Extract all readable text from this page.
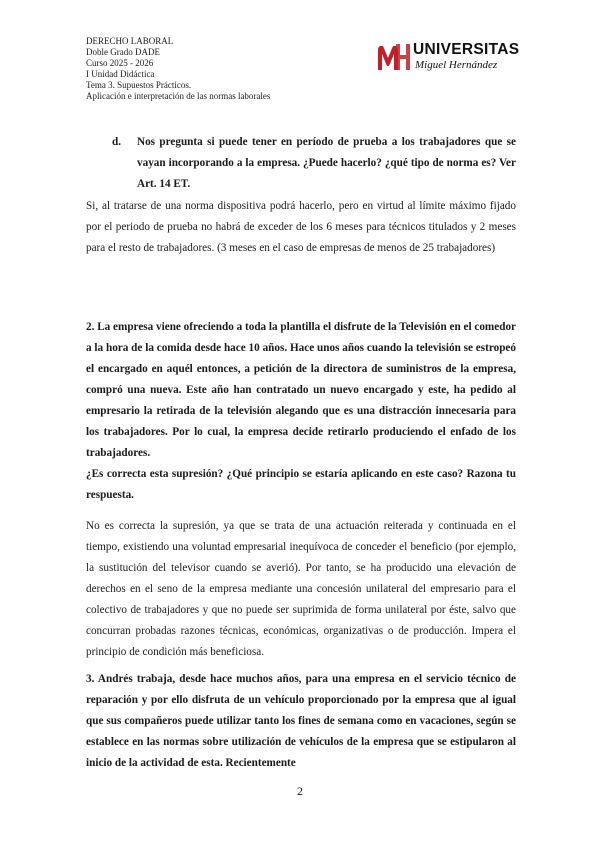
DERECHO LABORAL
Doble Grado DADE
Curso 2025 - 2026
I Unidad Didáctica
Tema 3. Supuestos Prácticos.
Aplicación e interpretación de las normas laborales
UNIVERSITAS
Miguel Hernández
d. Nos pregunta si puede tener en período de prueba a los trabajadores que se vayan incorporando a la empresa. ¿Puede hacerlo? ¿qué tipo de norma es? Ver Art. 14 ET.

Si, al tratarse de una norma dispositiva podrá hacerlo, pero en virtud al límite máximo fijado por el periodo de prueba no habrá de exceder de los 6 meses para técnicos titulados y 2 meses para el resto de trabajadores. (3 meses en el caso de empresas de menos de 25 trabajadores)

2. La empresa viene ofreciendo a toda la plantilla el disfrute de la Televisión en el comedor a la hora de la comida desde hace 10 años. Hace unos años cuando la televisión se estropeó el encargado en aquél entonces, a petición de la directora de suministros de la empresa, compró una nueva. Este año han contratado un nuevo encargado y este, ha pedido al empresario la retirada de la televisión alegando que es una distracción innecesaria para los trabajadores. Por lo cual, la empresa decide retirarlo produciendo el enfado de los trabajadores.

¿Es correcta esta supresión? ¿Qué principio se estaría aplicando en este caso? Razona tu respuesta.

No es correcta la supresión, ya que se trata de una actuación reiterada y continuada en el tiempo, existiendo una voluntad empresarial inequívoca de conceder el beneficio (por ejemplo, la sustitución del televisor cuando se averió). Por tanto, se ha producido una elevación de derechos en el seno de la empresa mediante una concesión unilateral del empresario para el colectivo de trabajadores y que no puede ser suprimida de forma unilateral por éste, salvo que concurran probadas razones técnicas, económicas, organizativas o de producción. Impera el principio de condición más beneficiosa.

3. Andrés trabaja, desde hace muchos años, para una empresa en el servicio técnico de reparación y por ello disfruta de un vehículo proporcionado por la empresa que al igual que sus compañeros puede utilizar tanto los fines de semana como en vacaciones, según se establece en las normas sobre utilización de vehículos de la empresa que se estipularon al inicio de la actividad de esta. Recientemente

2
